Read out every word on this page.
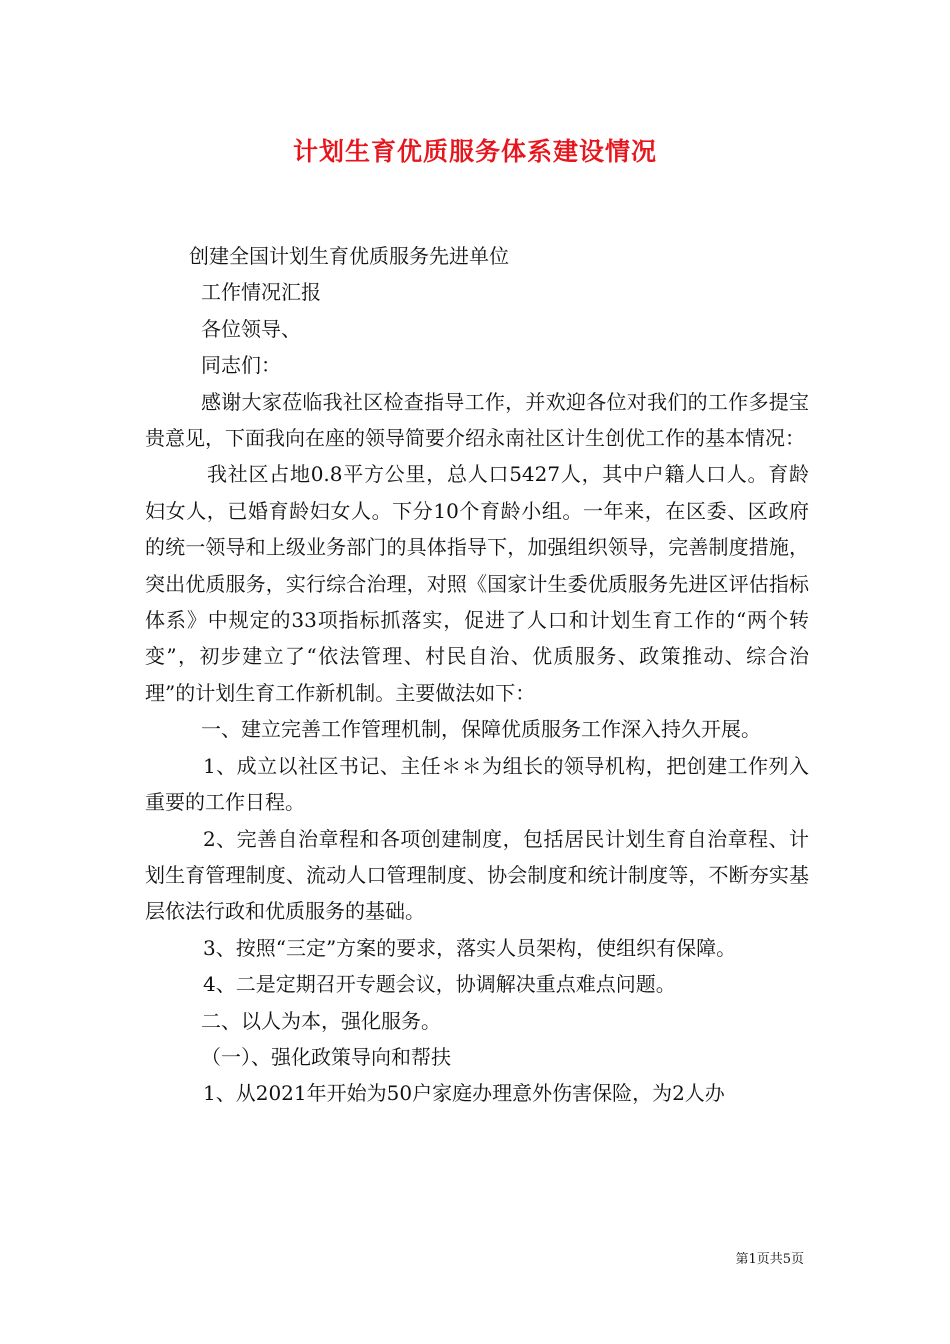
计划生育优质服务体系建设情况

创建全国计划生育优质服务先进单位

工作情况汇报

各位领导、

同志们：

感谢大家莅临我社区检查指导工作，并欢迎各位对我们的工作多提宝贵意见，下面我向在座的领导简要介绍永南社区计生创优工作的基本情况：

我社区占地0.8平方公里，总人口5427人，其中户籍人口人。育龄妇女人，已婚育龄妇女人。下分10个育龄小组。一年来，在区委、区政府的统一领导和上级业务部门的具体指导下，加强组织领导，完善制度措施，突出优质服务，实行综合治理，对照《国家计生委优质服务先进区评估指标体系》中规定的33项指标抓落实，促进了人口和计划生育工作的“两个转变”，初步建立了“依法管理、村民自治、优质服务、政策推动、综合治理”的计划生育工作新机制。主要做法如下：

一、建立完善工作管理机制，保障优质服务工作深入持久开展。

1、成立以社区书记、主任＊＊为组长的领导机构，把创建工作列入重要的工作日程。

2、完善自治章程和各项创建制度，包括居民计划生育自治章程、计划生育管理制度、流动人口管理制度、协会制度和统计制度等，不断夯实基层依法行政和优质服务的基础。

3、按照“三定”方案的要求，落实人员架构，使组织有保障。

4、二是定期召开专题会议，协调解决重点难点问题。

二、以人为本，强化服务。

（一）、强化政策导向和帮扶

1、从2021年开始为50户家庭办理意外伤害保险，为2人办

第1页共5页
